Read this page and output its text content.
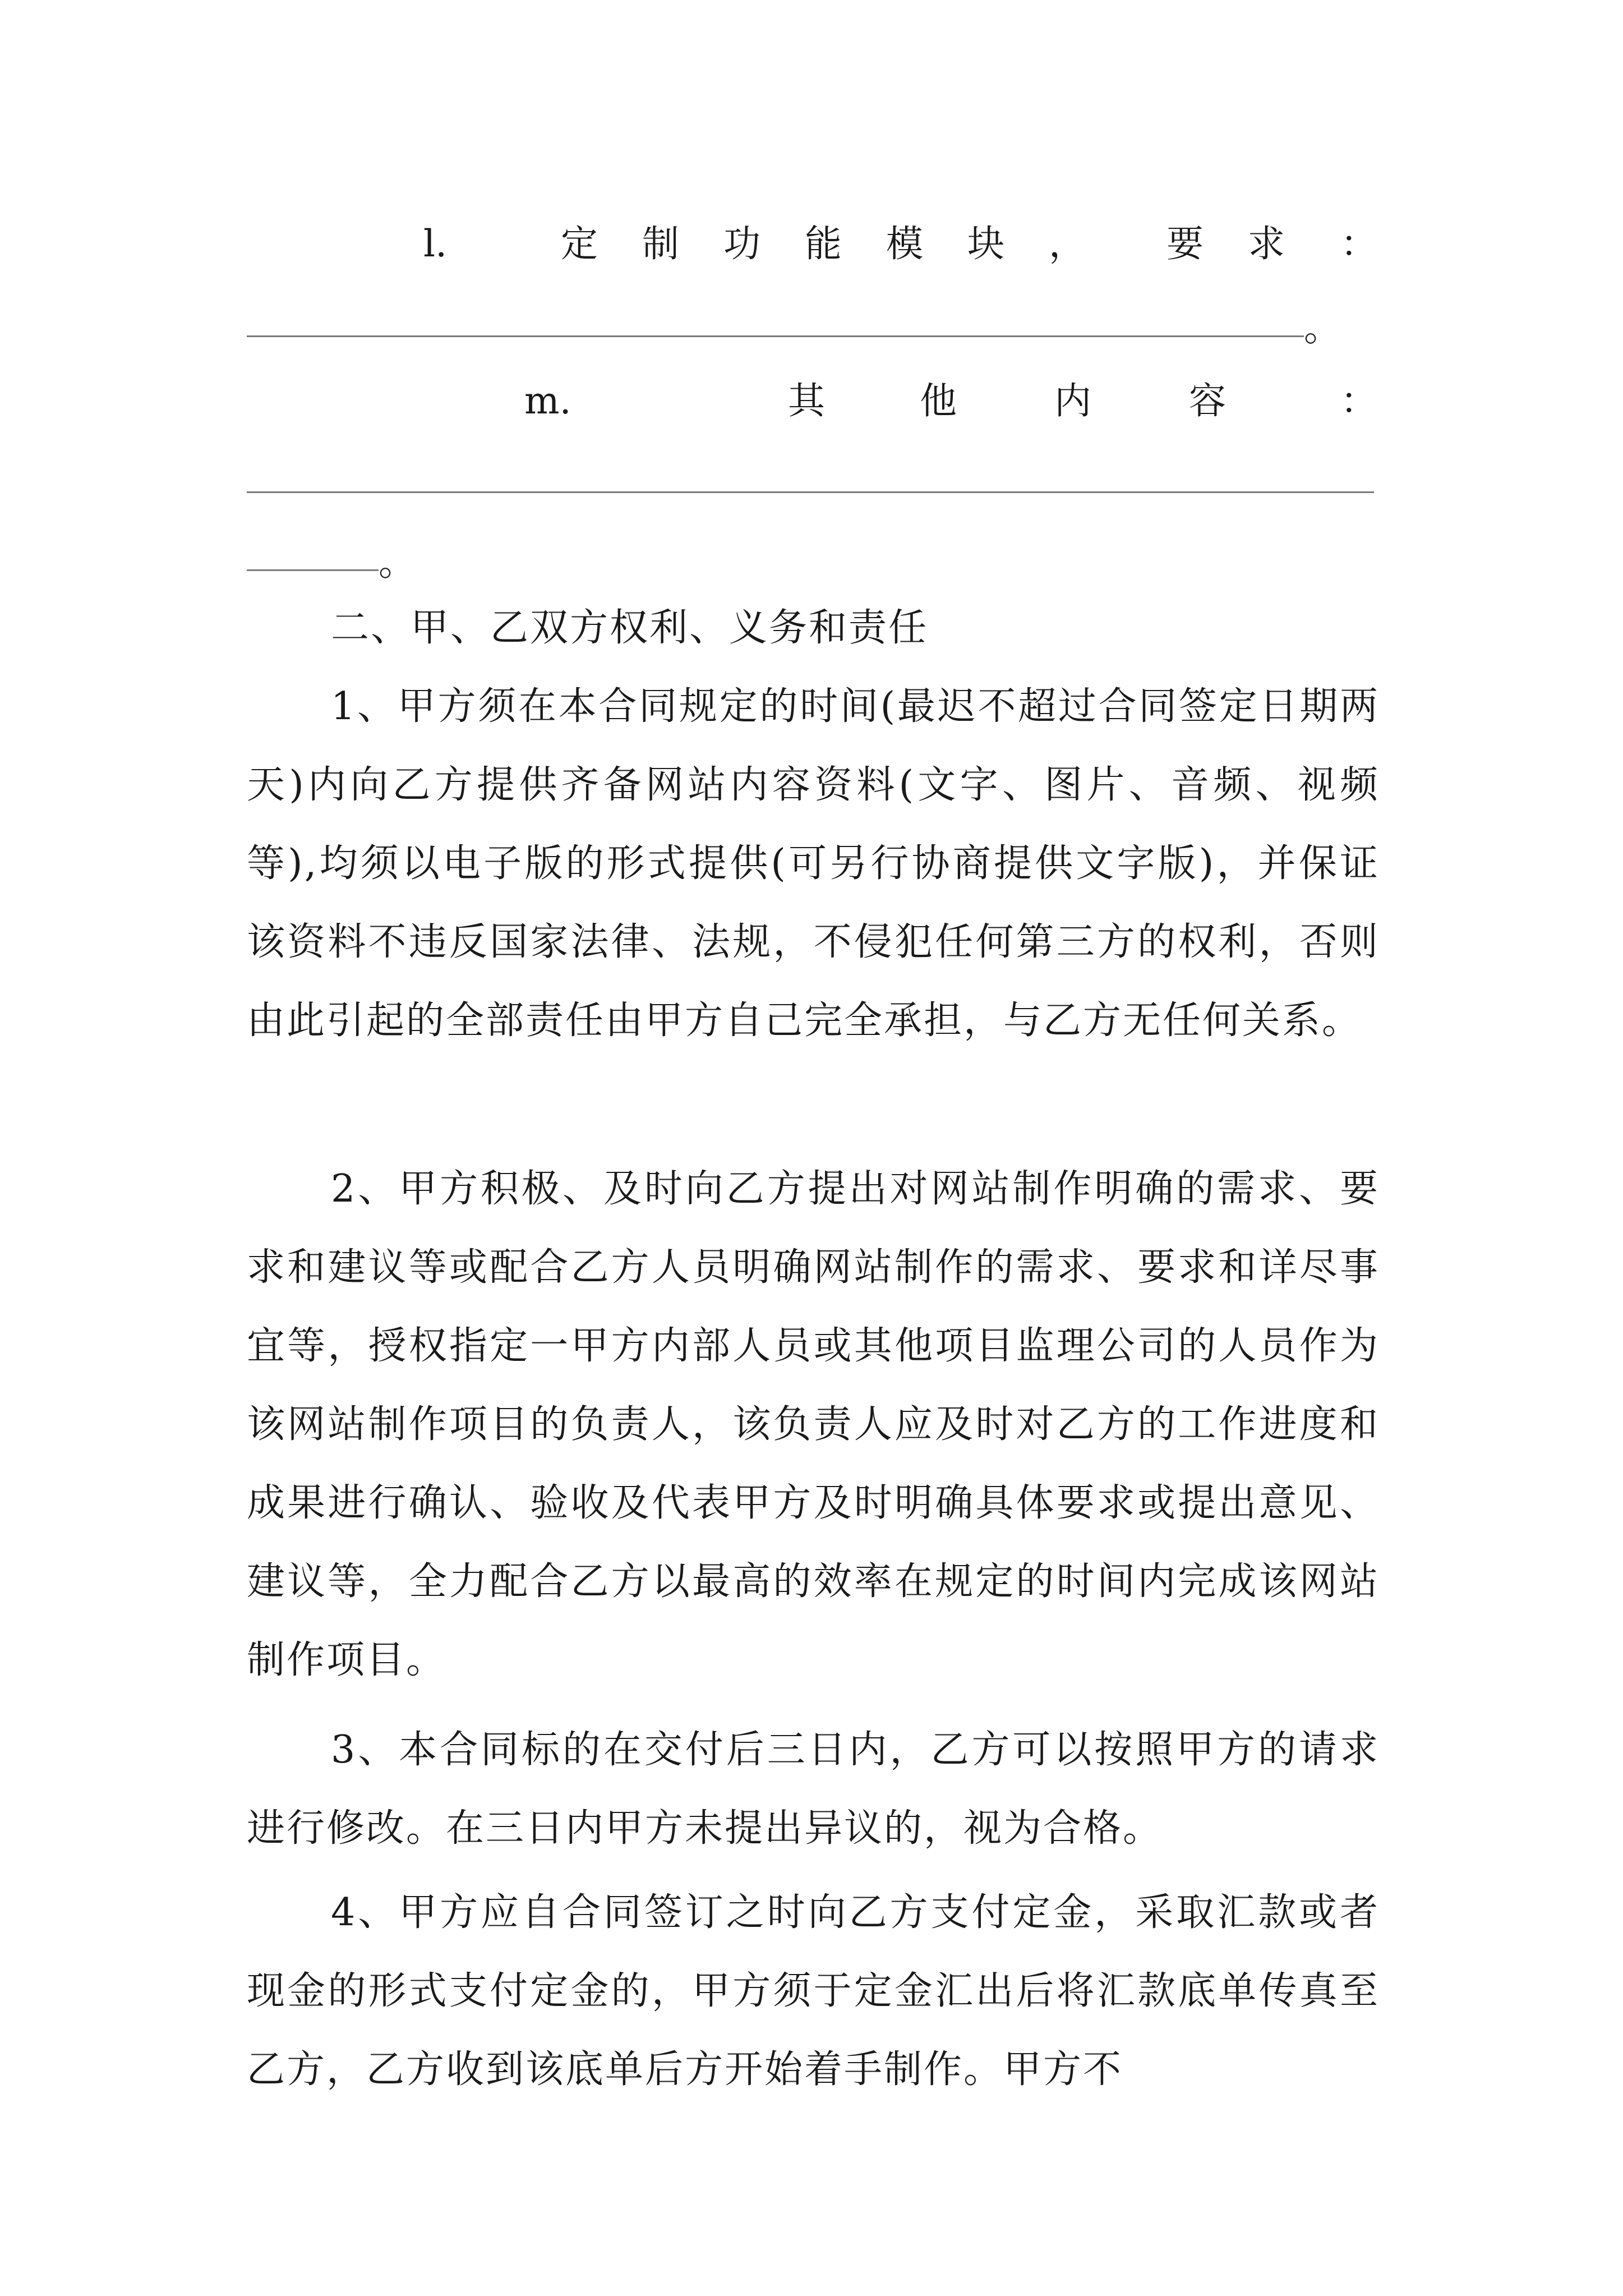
l.	定 制 功 能 模 块 ， 要 求 ：
。
m.	其	他	内	容	：
。
二、甲、乙双方权利、义务和责任

1、甲方须在本合同规定的时间(最迟不超过合同签定日期两天)内向乙方提供齐备网站内容资料(文字、图片、音频、视频等),均须以电子版的形式提供(可另行协商提供文字版)，并保证该资料不违反国家法律、法规，不侵犯任何第三方的权利，否则由此引起的全部责任由甲方自己完全承担，与乙方无任何关系。

2、甲方积极、及时向乙方提出对网站制作明确的需求、要求和建议等或配合乙方人员明确网站制作的需求、要求和详尽事宜等，授权指定一甲方内部人员或其他项目监理公司的人员作为该网站制作项目的负责人，该负责人应及时对乙方的工作进度和成果进行确认、验收及代表甲方及时明确具体要求或提出意见、建议等，全力配合乙方以最高的效率在规定的时间内完成该网站制作项目。

3、本合同标的在交付后三日内，乙方可以按照甲方的请求进行修改。在三日内甲方未提出异议的，视为合格。

4、甲方应自合同签订之时向乙方支付定金，采取汇款或者现金的形式支付定金的，甲方须于定金汇出后将汇款底单传真至乙方，乙方收到该底单后方开始着手制作。甲方不
